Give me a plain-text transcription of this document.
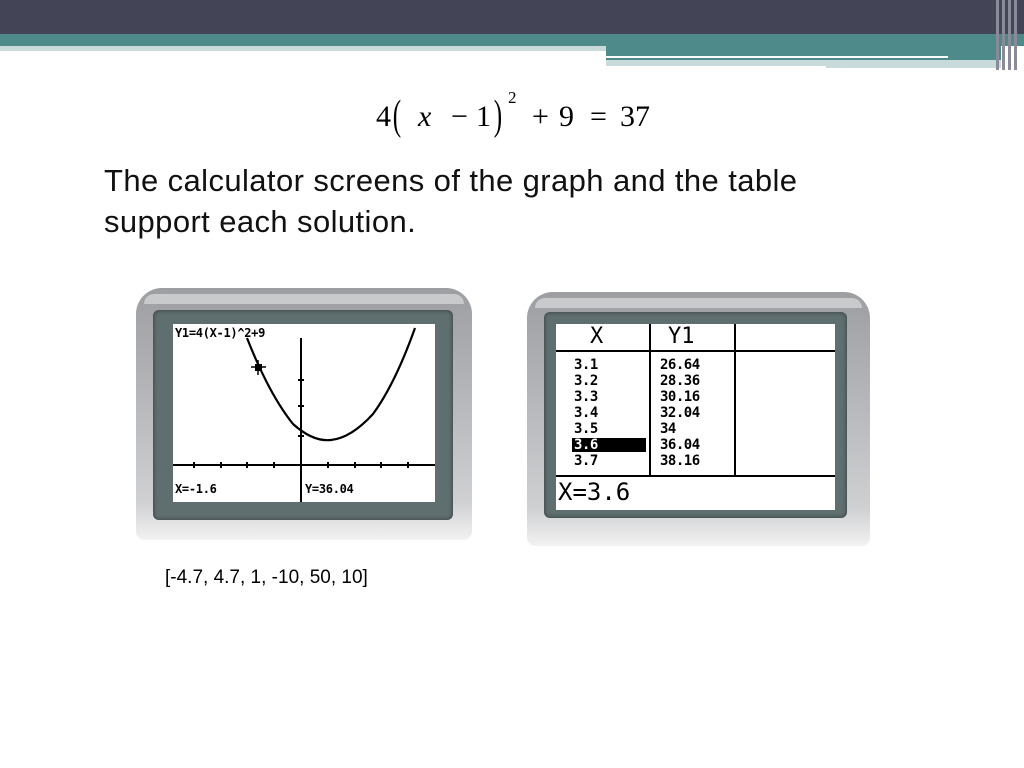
4 ( x − 1 ) 2
+ 9 = 37
The calculator screens of the graph and the table support each solution.
Y1=4(X-1)^2+9
X=-1.6	Y=36.04
X	Y1
3.1	26.64
3.2	28.36
3.3	30.16
3.4	32.04
3.5	34
3.6	36.04
3.7	38.16
X=3.6
[-4.7, 4.7, 1, -10, 50, 10]
